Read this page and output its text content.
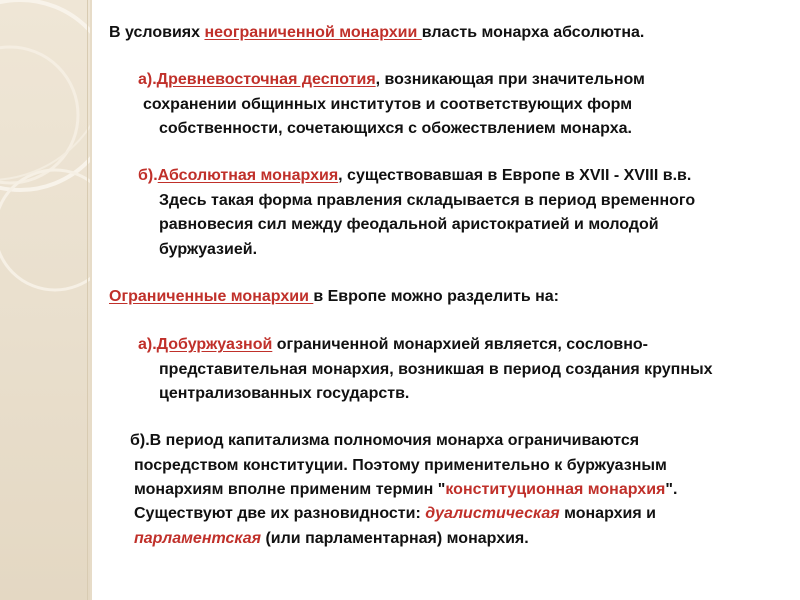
В условиях неограниченной монархии власть монарха абсолютна.
а).Древневосточная деспотия, возникающая при значительном
сохранении общинных институтов и соответствующих форм
собственности, сочетающихся с обожествлением монарха.
б).Абсолютная монархия, существовавшая в Европе в XVII - XVIII в.в.
Здесь такая форма правления складывается в период временного
равновесия сил между феодальной аристократией и молодой
буржуазией.
Ограниченные монархии в Европе можно разделить на:
а).Добуржуазной ограниченной монархией является, сословно-
представительная монархия, возникшая в период создания крупных
централизованных государств.
б).В период капитализма полномочия монарха ограничиваются
посредством конституции. Поэтому применительно к буржуазным
монархиям вполне применим термин "конституционная монархия".
Существуют две их разновидности: дуалистическая монархия и
парламентская (или парламентарная) монархия.
